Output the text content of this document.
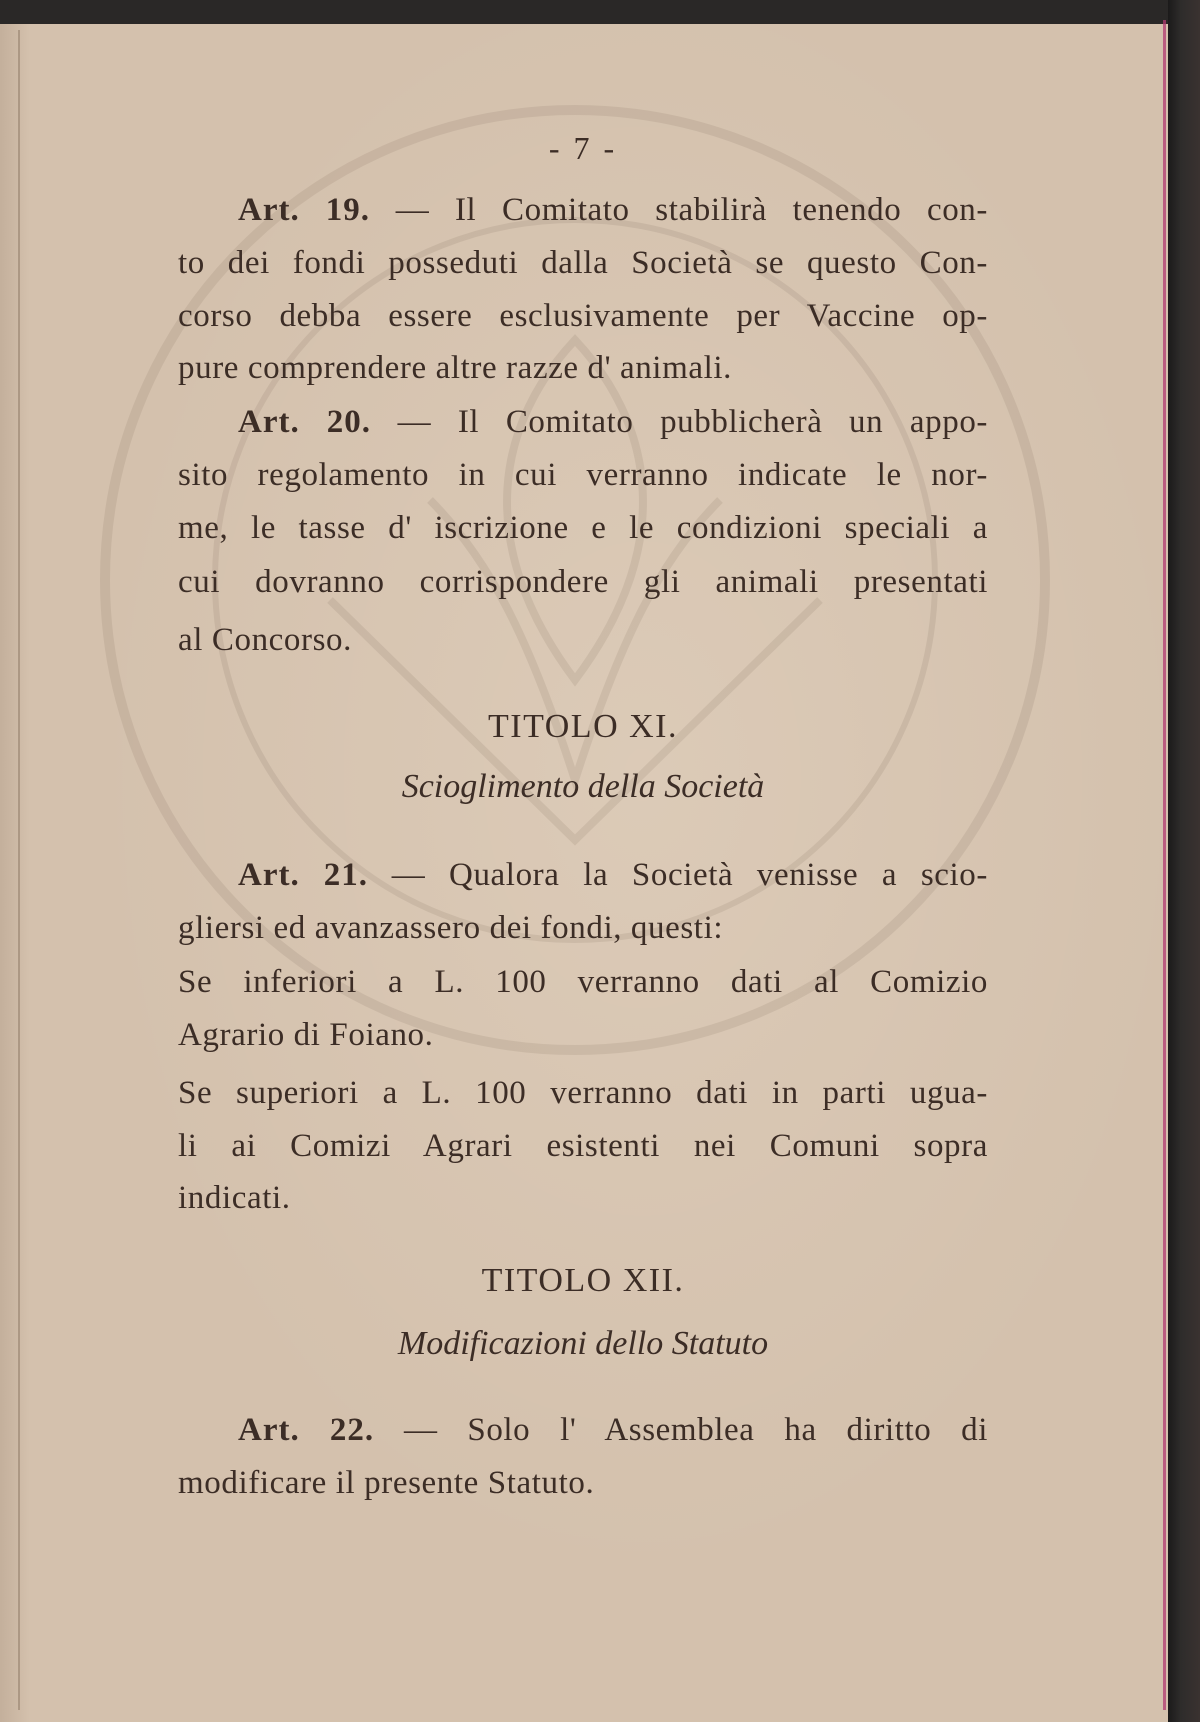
- 7 -
Art. 19. — Il Comitato stabilirà tenendo con-
to dei fondi posseduti dalla Società se questo Con-
corso debba essere esclusivamente per Vaccine op-
pure comprendere altre razze d' animali.
Art. 20. — Il Comitato pubblicherà un appo-
sito regolamento in cui verranno indicate le nor-
me, le tasse d' iscrizione e le condizioni speciali a
cui dovranno corrispondere gli animali presentati
al Concorso.
TITOLO XI.
Scioglimento della Società
Art. 21. — Qualora la Società venisse a scio-
gliersi ed avanzassero dei fondi, questi:
Se inferiori a L. 100 verranno dati al Comizio
Agrario di Foiano.
Se superiori a L. 100 verranno dati in parti ugua-
li ai Comizi Agrari esistenti nei Comuni sopra
indicati.
TITOLO XII.
Modificazioni dello Statuto
Art. 22. — Solo l' Assemblea ha diritto di
modificare il presente Statuto.
